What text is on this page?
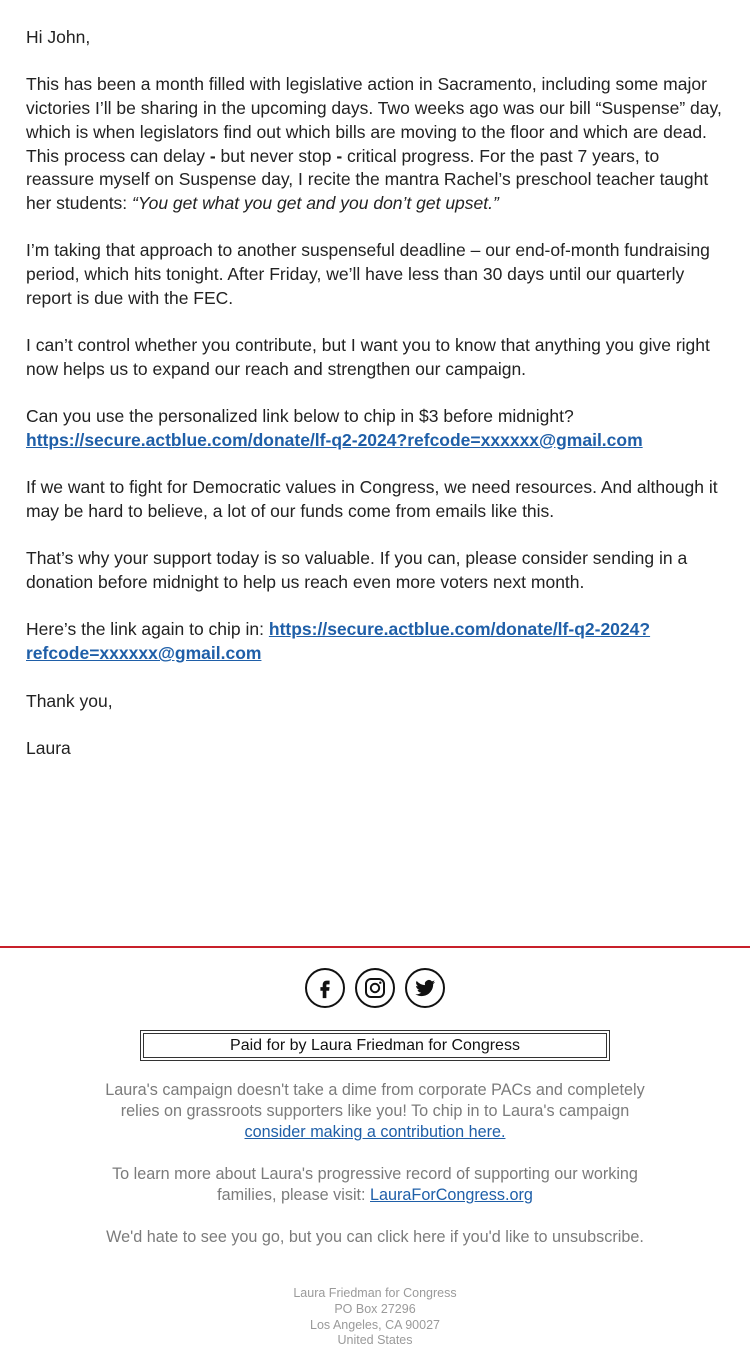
Hi John,

This has been a month filled with legislative action in Sacramento, including some major victories I’ll be sharing in the upcoming days. Two weeks ago was our bill “Suspense” day, which is when legislators find out which bills are moving to the floor and which are dead. This process can delay - but never stop - critical progress. For the past 7 years, to reassure myself on Suspense day, I recite the mantra Rachel’s preschool teacher taught her students: “You get what you get and you don’t get upset.”

I’m taking that approach to another suspenseful deadline – our end-of-month fundraising period, which hits tonight. After Friday, we’ll have less than 30 days until our quarterly report is due with the FEC.

I can’t control whether you contribute, but I want you to know that anything you give right now helps us to expand our reach and strengthen our campaign.

Can you use the personalized link below to chip in $3 before midnight?
https://secure.actblue.com/donate/lf-q2-2024?refcode=xxxxxx@gmail.com

If we want to fight for Democratic values in Congress, we need resources. And although it may be hard to believe, a lot of our funds come from emails like this.

That’s why your support today is so valuable. If you can, please consider sending in a donation before midnight to help us reach even more voters next month.

Here’s the link again to chip in: https://secure.actblue.com/donate/lf-q2-2024?
refcode=xxxxxx@gmail.com

Thank you,

Laura

Paid for by Laura Friedman for Congress

Laura's campaign doesn't take a dime from corporate PACs and completely relies on grassroots supporters like you! To chip in to Laura's campaign consider making a contribution here.

To learn more about Laura's progressive record of supporting our working families, please visit: LauraForCongress.org

We'd hate to see you go, but you can click here if you'd like to unsubscribe.

Laura Friedman for Congress
PO Box 27296
Los Angeles, CA 90027
United States
